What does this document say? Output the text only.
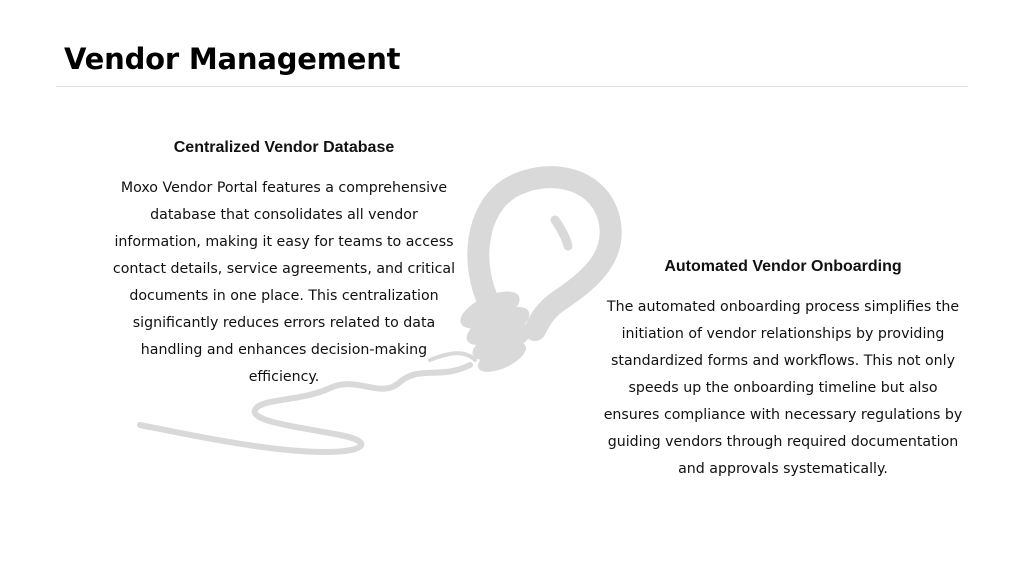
Vendor Management
Centralized Vendor Database

Moxo Vendor Portal features a comprehensive database that consolidates all vendor information, making it easy for teams to access contact details, service agreements, and critical documents in one place. This centralization significantly reduces errors related to data handling and enhances decision-making efficiency.

Automated Vendor Onboarding

The automated onboarding process simplifies the initiation of vendor relationships by providing standardized forms and workflows. This not only speeds up the onboarding timeline but also ensures compliance with necessary regulations by guiding vendors through required documentation and approvals systematically.
